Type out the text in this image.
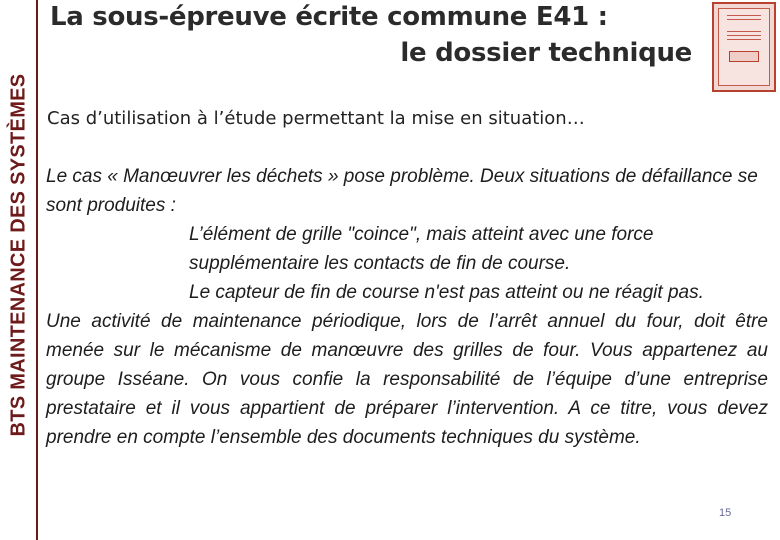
BTS MAINTENANCE DES SYSTÈMES
La sous-épreuve écrite commune E41 :
le dossier technique
Cas d’utilisation à l’étude permettant la mise en situation…

Le cas « Manœuvrer les déchets » pose problème. Deux situations de défaillance se sont produites :

L’élément de grille "coince", mais atteint avec une force supplémentaire les contacts de fin de course.

Le capteur de fin de course n'est pas atteint ou ne réagit pas.

Une activité de maintenance périodique, lors de l’arrêt annuel du four, doit être menée sur le mécanisme de manœuvre des grilles de four. Vous appartenez au groupe Isséane. On vous confie la responsabilité de l’équipe d’une entreprise prestataire et il vous appartient de préparer l’intervention. A ce titre, vous devez prendre en compte l’ensemble des documents techniques du système.

15
